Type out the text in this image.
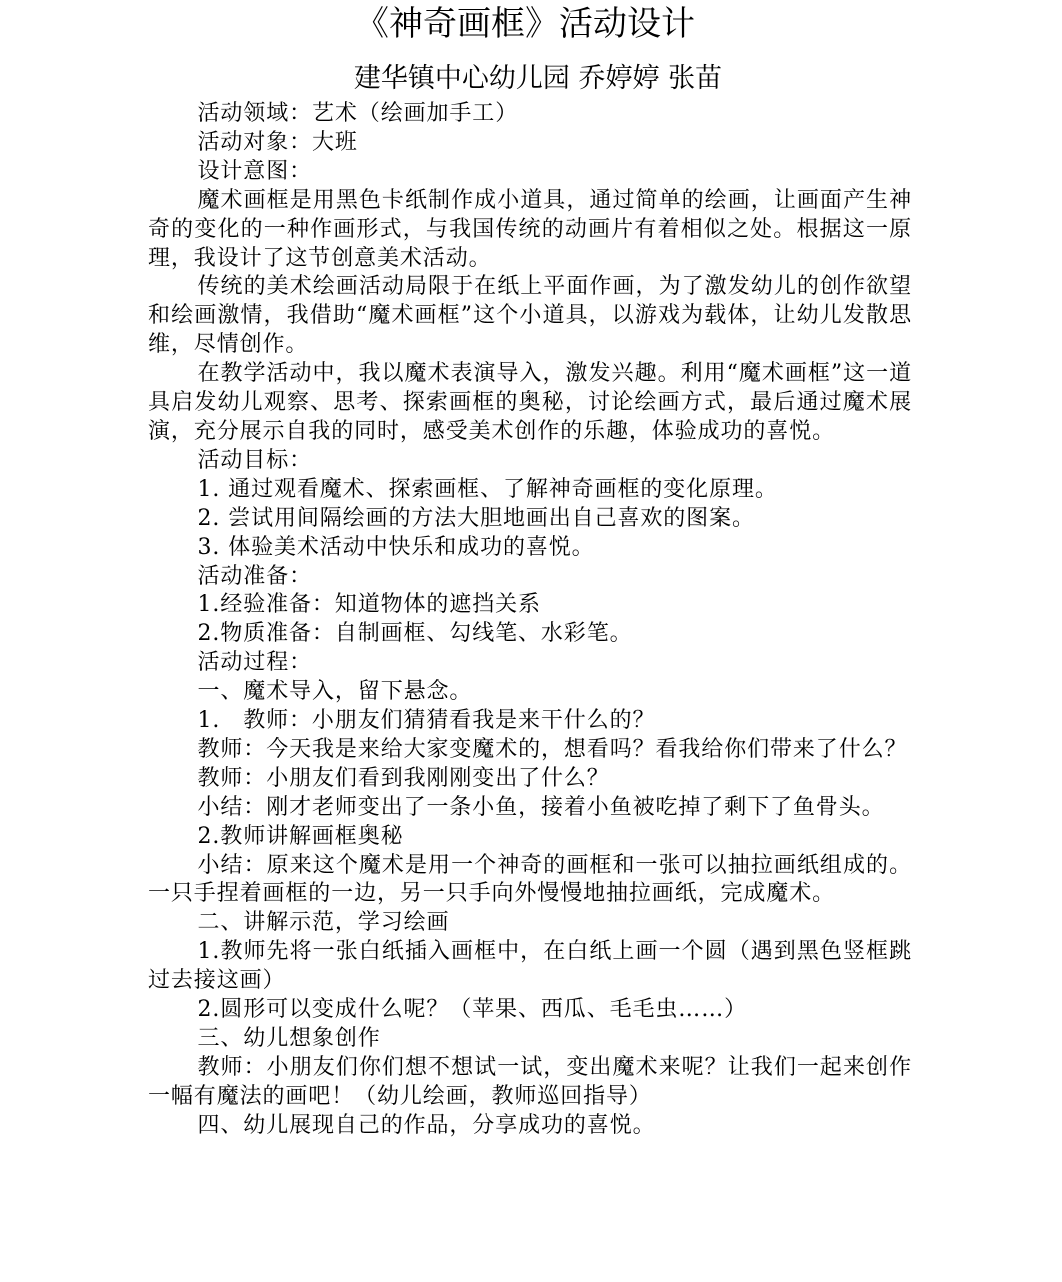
《神奇画框》活动设计
建华镇中心幼儿园 乔婷婷 张苗

活动领域：艺术（绘画加手工）

活动对象：大班

设计意图：

魔术画框是用黑色卡纸制作成小道具，通过简单的绘画，让画面产生神奇的变化的一种作画形式，与我国传统的动画片有着相似之处。根据这一原理，我设计了这节创意美术活动。

传统的美术绘画活动局限于在纸上平面作画，为了激发幼儿的创作欲望和绘画激情，我借助“魔术画框”这个小道具，以游戏为载体，让幼儿发散思维，尽情创作。

在教学活动中，我以魔术表演导入，激发兴趣。利用“魔术画框”这一道具启发幼儿观察、思考、探索画框的奥秘，讨论绘画方式，最后通过魔术展演，充分展示自我的同时，感受美术创作的乐趣，体验成功的喜悦。

活动目标：

1. 通过观看魔术、探索画框、了解神奇画框的变化原理。

2. 尝试用间隔绘画的方法大胆地画出自己喜欢的图案。

3. 体验美术活动中快乐和成功的喜悦。

活动准备：

1.经验准备：知道物体的遮挡关系

2.物质准备：自制画框、勾线笔、水彩笔。

活动过程：

一、魔术导入，留下悬念。

1.　教师：小朋友们猜猜看我是来干什么的？

教师：今天我是来给大家变魔术的，想看吗？看我给你们带来了什么？

教师：小朋友们看到我刚刚变出了什么？

小结：刚才老师变出了一条小鱼，接着小鱼被吃掉了剩下了鱼骨头。

2.教师讲解画框奥秘

小结：原来这个魔术是用一个神奇的画框和一张可以抽拉画纸组成的。一只手捏着画框的一边，另一只手向外慢慢地抽拉画纸，完成魔术。

二、讲解示范，学习绘画

1.教师先将一张白纸插入画框中，在白纸上画一个圆（遇到黑色竖框跳过去接这画）

2.圆形可以变成什么呢？（苹果、西瓜、毛毛虫……）

三、幼儿想象创作

教师：小朋友们你们想不想试一试，变出魔术来呢？让我们一起来创作一幅有魔法的画吧！（幼儿绘画，教师巡回指导）

四、幼儿展现自己的作品，分享成功的喜悦。
